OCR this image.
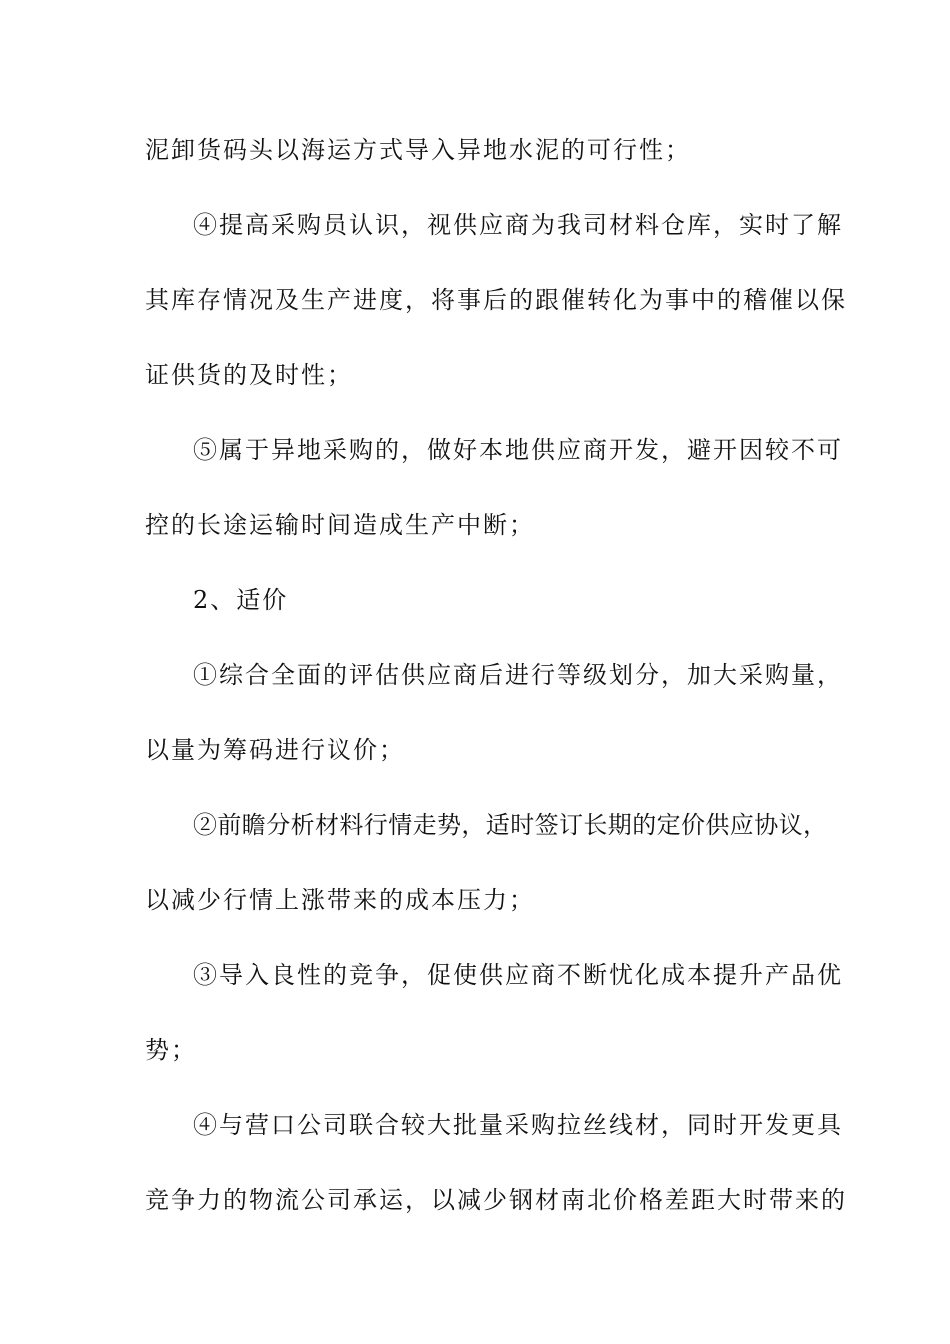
泥卸货码头以海运方式导入异地水泥的可行性；
④提高采购员认识，视供应商为我司材料仓库，实时了解
其库存情况及生产进度，将事后的跟催转化为事中的稽催以保
证供货的及时性；
⑤属于异地采购的，做好本地供应商开发，避开因较不可
控的长途运输时间造成生产中断；
2、适价
①综合全面的评估供应商后进行等级划分，加大采购量，
以量为筹码进行议价；
②前瞻分析材料行情走势，适时签订长期的定价供应协议，
以减少行情上涨带来的成本压力；
③导入良性的竞争，促使供应商不断忧化成本提升产品优
势；
④与营口公司联合较大批量采购拉丝线材，同时开发更具
竞争力的物流公司承运，以减少钢材南北价格差距大时带来的
